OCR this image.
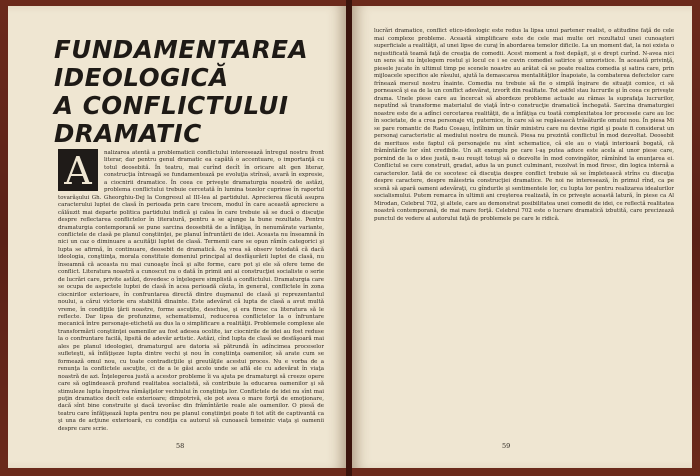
FUNDAMENTAREA
IDEOLOGICĂ
A CONFLICTULUI
DRAMATIC
A	nalizarea atentă a problematicii conflictului interesează întregul nostru front literar, dar pentru genul dramatic ea capătă o accentuare, o importanţă cu totul deosebită. În teatru, mai curînd decît în oricare alt gen literar, construcţia întreagă se fundamentează pe evoluţia strînsă, avară în expresie, a ciocnirii dramatice. În ceea ce priveşte dramaturgia noastră de astăzi, problema conflictului trebuie cercetată în lumina tezelor cuprinse în raportul tovarăşului Gh. Gheorghiu-Dej la Congresul al III-lea al partidului. Aprecierea făcută asupra caracterului luptei de clasă în perioada prin care trecem, modul în care această apreciere a călăuzit mai departe politica partidului indică şi calea în care trebuie să se ducă o discuţie despre reflectarea conflictelor în literatură, pentru a se ajunge la bune rezultate. Pentru dramaturgia contemporană se pune sarcina deosebită de a înfăţişa, în nenumărate variante, conflictele de clasă pe planul conştiinţei, pe planul înfruntării de idei. Aceasta nu înseamnă în nici un caz o diminuare a acuităţii luptei de clasă. Termenii care se opun rămîn categorici şi lupta se afirmă, în continuare, deosebit de dramatică. Aş vrea să observ totodată că dacă ideologia, conştiinţa, morala constituie domeniul principal al desfăşurării luptei de clasă, nu înseamnă că aceasta nu mai cunoaşte încă şi alte forme, care pot şi ele să ofere teme de conflict. Literatura noastră a cunoscut nu o dată în primii ani ai construcţiei socialiste o serie de lucrări care, privite astăzi, dovedesc o înţelegere simplistă a conflictului. Dramaturgia care se ocupa de aspectele luptei de clasă în acea perioadă căuta, în general, conflictele în zona ciocnirilor exterioare, în confruntarea directă dintre duşmanul de clasă şi reprezentantul noului, a cărui victorie era stabilită dinainte. Este adevărat că lupta de clasă a avut multă vreme, în condiţiile ţării noastre, forme ascuţite, deschise, şi era firesc ca literatura să le reflecte. Dar lipsa de profunzime, schematismul, reducerea conflictelor la o înfruntare mecanică între personaje-etichetă au dus la o simplificare a realităţii. Problemele complexe ale transformării conştiinţei oamenilor au fost adesea ocolite, iar ciocnirile de idei au fost reduse la o confruntare facilă, lipsită de adevăr artistic. Astăzi, cînd lupta de clasă se desfăşoară mai ales pe planul ideologiei, dramaturgul are datoria să pătrundă în adîncimea proceselor sufleteşti, să înfăţişeze lupta dintre vechi şi nou în conştiinţa oamenilor, să arate cum se formează omul nou, cu toate contradicţiile şi greutăţile acestui proces. Nu e vorba de a renunţa la conflictele ascuţite, ci de a le găsi acolo unde se află ele cu adevărat în viaţa noastră de azi. Înţelegerea justă a acestor probleme îi va ajuta pe dramaturgi să creeze opere care să oglindească profund realitatea socialistă, să contribuie la educarea oamenilor şi să stimuleze lupta împotriva rămăşiţelor vechiului în conştiinţa lor. Conflictele de idei nu sînt mai puţin dramatice decît cele exterioare; dimpotrivă, ele pot avea o mare forţă de emoţionare, dacă sînt bine construite şi dacă izvorăsc din frămîntările reale ale oamenilor. O piesă de teatru care înfăţişează lupta pentru nou pe planul conştiinţei poate fi tot atît de captivantă ca şi una de acţiune exterioară, cu condiţia ca autorul să cunoască temeinic viaţa şi oamenii despre care scrie.
58
lucrări dramatice, conflict etico-ideologic este redus la lipsa unui partener realist, o atitudine faţă de cele mai complexe probleme. Această simplificare este de cele mai multe ori rezultatul unei cunoaşteri superficiale a realităţii, al unei lipse de curaj în abordarea temelor dificile. La un moment dat, la noi exista o nejustificată teamă faţă de creaţia de comedii. Acest moment a fost depăşit, şi e drept curînd. N-avea nici un sens să nu înţelegem rostul şi locul ce i se cuvin comediei satirice şi umoristice. În această privinţă, piesele jucate în ultimul timp pe scenele noastre au arătat că se poate realiza comedia şi satira care, prin mijloacele specifice ale râsului, ajută la demascarea mentalităţilor înapoiate, la combaterea defectelor care frînează mersul nostru înainte. Comedia nu trebuie să fie o simplă înşirare de situaţii comice, ci să pornească şi ea de la un conflict adevărat, izvorît din realitate. Tot astfel stau lucrurile şi în ceea ce priveşte drama. Unele piese care au încercat să abordeze probleme actuale au rămas la suprafaţa lucrurilor, neputînd să transforme materialul de viaţă într-o construcţie dramatică închegată. Sarcina dramaturgiei noastre este de a adînci cercetarea realităţii, de a înfăţişa cu toată complexitatea lor procesele care au loc în societate, de a crea personaje vii, puternice, în care să se regăsească trăsăturile omului nou. În piesa Mi se pare romantic de Radu Cosaşu, întîlnim un tînăr ministru care nu devine rigid şi poate fi considerat un personaj caracteristic al mediului nostru de muncă. Piesa nu prezintă conflictul în mod dezvoltat. Deosebit de merituos este faptul că personajele nu sînt schematice, că ele au o viaţă interioară bogată, că frămîntările lor sînt credibile. Un alt exemplu pe care l-aş putea aduce este acela al unor piese care, pornind de la o idee justă, n-au reuşit totuşi să o dezvolte în mod convingător, rămînînd la enunţarea ei. Conflictul se cere construit, gradat, adus la un punct culminant, rezolvat în mod firesc, din logica internă a caracterelor. Iată de ce socotesc că discuţia despre conflict trebuie să se împletească strîns cu discuţia despre caractere, despre măiestria construcţiei dramatice. Pe noi ne interesează, în primul rînd, ca pe scenă să apară oameni adevăraţi, cu gîndurile şi sentimentele lor, cu lupta lor pentru realizarea idealurilor socialismului. Putem remarca în ultimii ani creşterea realizată, în ce priveşte această latură, în piese ca Al Mirodan, Celebrul 702, şi altele, care au demonstrat posibilitatea unei comedii de idei, ce reflectă realitatea noastră contemporană, de mai mare forţă. Celebrul 702 este o lucrare dramatică izbutită, care precizează punctul de vedere al autorului faţă de problemele pe care le ridică.
59
